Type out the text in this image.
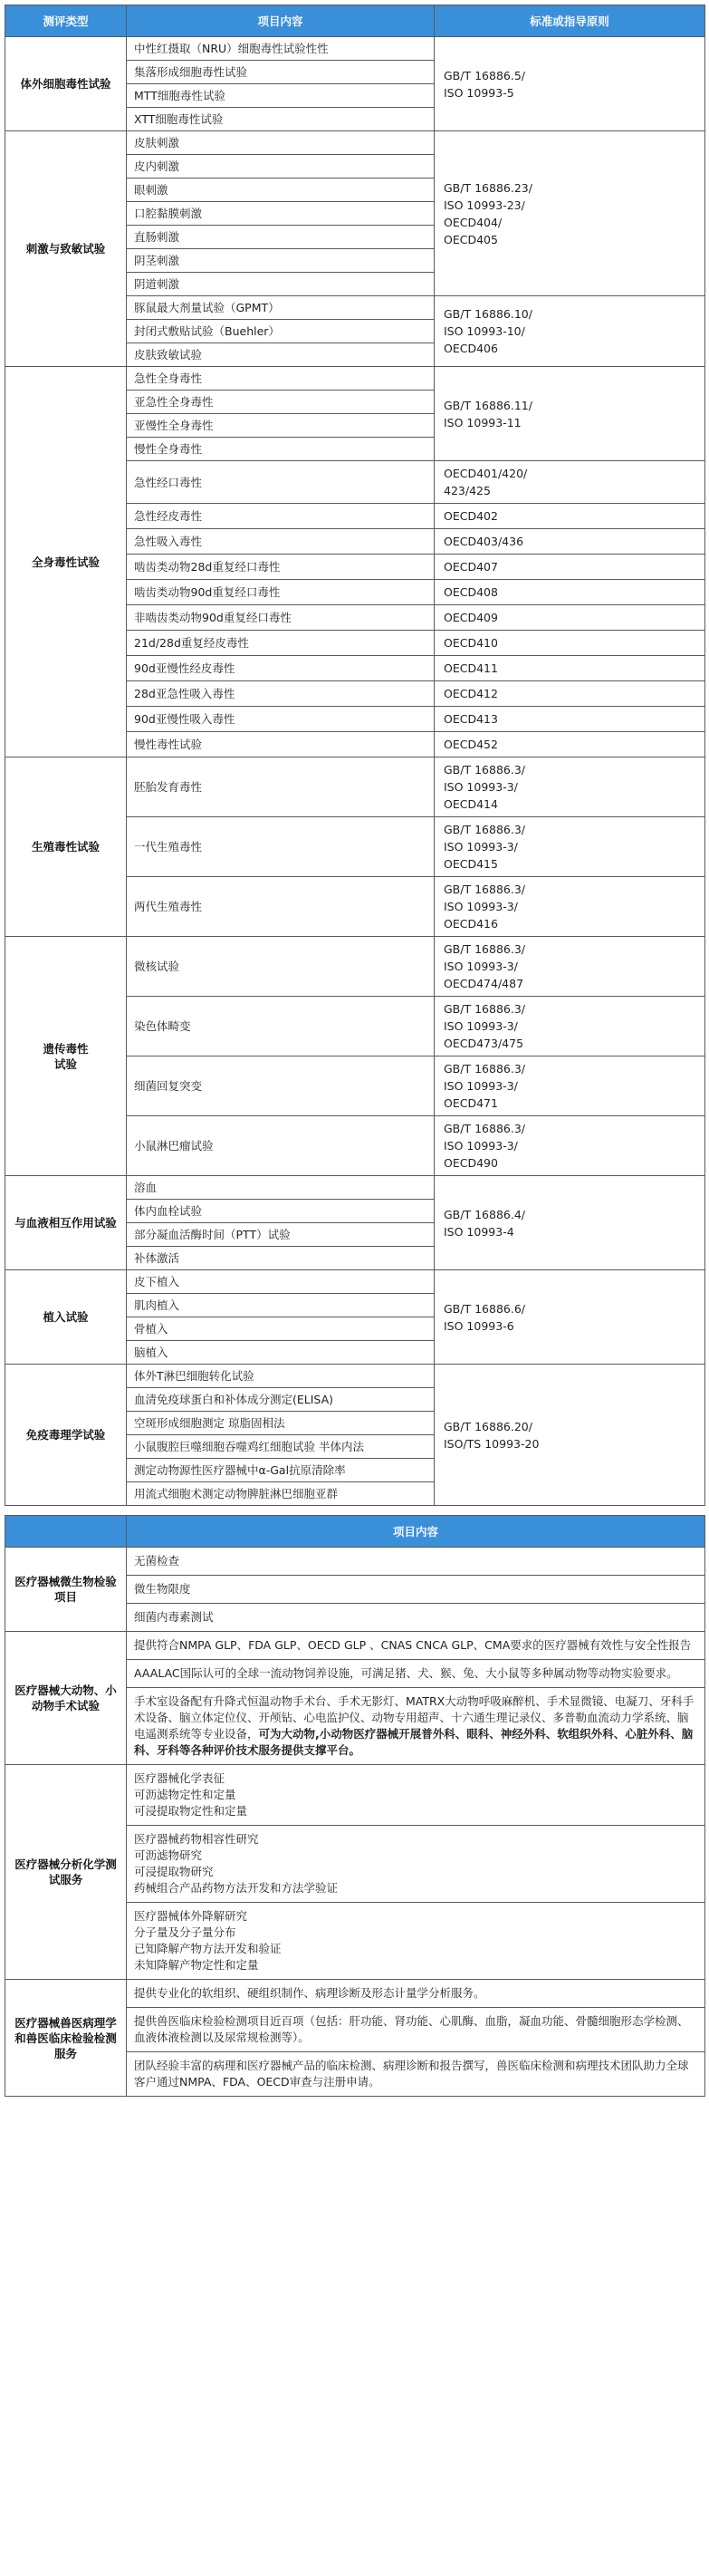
测评类型	项目内容	标准或指导原则
体外细胞毒性试验	中性红摄取（NRU）细胞毒性试验性性	GB/T 16886.5/
ISO 10993-5

	集落形成细胞毒性试验	
	MTT细胞毒性试验	
	XTT细胞毒性试验	
刺激与致敏试验	皮肤刺激	GB/T 16886.23/
ISO 10993-23/
OECD404/
OECD405

	皮内刺激	
	眼刺激	
	口腔黏膜刺激	
	直肠刺激	
	阴茎刺激	
	阴道刺激	
	豚鼠最大剂量试验（GPMT）	GB/T 16886.10/
ISO 10993-10/
OECD406

	封闭式敷贴试验（Buehler）	
	皮肤致敏试验	
全身毒性试验	急性全身毒性	GB/T 16886.11/
ISO 10993-11

	亚急性全身毒性	
	亚慢性全身毒性	
	慢性全身毒性	
	急性经口毒性	OECD401/420/
423/425

	急性经皮毒性	OECD402

	急性吸入毒性	OECD403/436

	啮齿类动物28d重复经口毒性	OECD407

	啮齿类动物90d重复经口毒性	OECD408

	非啮齿类动物90d重复经口毒性	OECD409

	21d/28d重复经皮毒性	OECD410

	90d亚慢性经皮毒性	OECD411

	28d亚急性吸入毒性	OECD412

	90d亚慢性吸入毒性	OECD413

	慢性毒性试验	OECD452

生殖毒性试验	胚胎发育毒性	GB/T 16886.3/
ISO 10993-3/
OECD414

	一代生殖毒性	GB/T 16886.3/
ISO 10993-3/
OECD415

	两代生殖毒性	GB/T 16886.3/
ISO 10993-3/
OECD416

遗传毒性
试验	微核试验	GB/T 16886.3/
ISO 10993-3/
OECD474/487

	染色体畸变	GB/T 16886.3/
ISO 10993-3/
OECD473/475

	细菌回复突变	GB/T 16886.3/
ISO 10993-3/
OECD471

	小鼠淋巴瘤试验	GB/T 16886.3/
ISO 10993-3/
OECD490

与血液相互作用试验	溶血	GB/T 16886.4/
ISO 10993-4

	体内血栓试验	
	部分凝血活酶时间（PTT）试验	
	补体激活	
植入试验	皮下植入	GB/T 16886.6/
ISO 10993-6

	肌肉植入	
	骨植入	
	脑植入	
免疫毒理学试验	体外T淋巴细胞转化试验	GB/T 16886.20/
ISO/TS 10993-20

	血清免疫球蛋白和补体成分测定(ELISA)	
	空斑形成细胞测定 琼脂固相法	
	小鼠腹腔巨噬细胞吞噬鸡红细胞试验 半体内法	
	测定动物源性医疗器械中α-Gal抗原清除率	
	用流式细胞术测定动物脾脏淋巴细胞亚群	
	项目内容
医疗器械微生物检验项目	无菌检查
	微生物限度
	细菌内毒素测试
医疗器械大动物、小动物手术试验	提供符合NMPA GLP、FDA GLP、OECD GLP 、CNAS CNCA GLP、CMA要求的医疗器械有效性与安全性报告
	AAALAC国际认可的全球一流动物饲养设施，可满足猪、犬、猴、兔、大小鼠等多种属动物等动物实验要求。
	手术室设备配有升降式恒温动物手术台、手术无影灯、MATRX大动物呼吸麻醉机、手术显微镜、电凝刀、牙科手术设备、脑立体定位仪、开颅钻、心电监护仪、动物专用超声、十六通生理记录仪、多普勒血流动力学系统、脑电遥测系统等专业设备，可为大动物,小动物医疗器械开展普外科、眼科、神经外科、软组织外科、心脏外科、脑科、牙科等各种评价技术服务提供支撑平台。
医疗器械分析化学测试服务	医疗器械化学表征
可沥滤物定性和定量
可浸提取物定性和定量

	医疗器械药物相容性研究
可沥滤物研究
可浸提取物研究
药械组合产品药物方法开发和方法学验证

	医疗器械体外降解研究
分子量及分子量分布
已知降解产物方法开发和验证
未知降解产物定性和定量

医疗器械兽医病理学和兽医临床检验检测服务	提供专业化的软组织、硬组织制作、病理诊断及形态计量学分析服务。
	提供兽医临床检验检测项目近百项（包括：肝功能、肾功能、心肌酶、血脂，凝血功能、骨髓细胞形态学检测、血液体液检测以及尿常规检测等）。
	团队经验丰富的病理和医疗器械产品的临床检测、病理诊断和报告撰写，兽医临床检测和病理技术团队助力全球客户通过NMPA、FDA、OECD审查与注册申请。
